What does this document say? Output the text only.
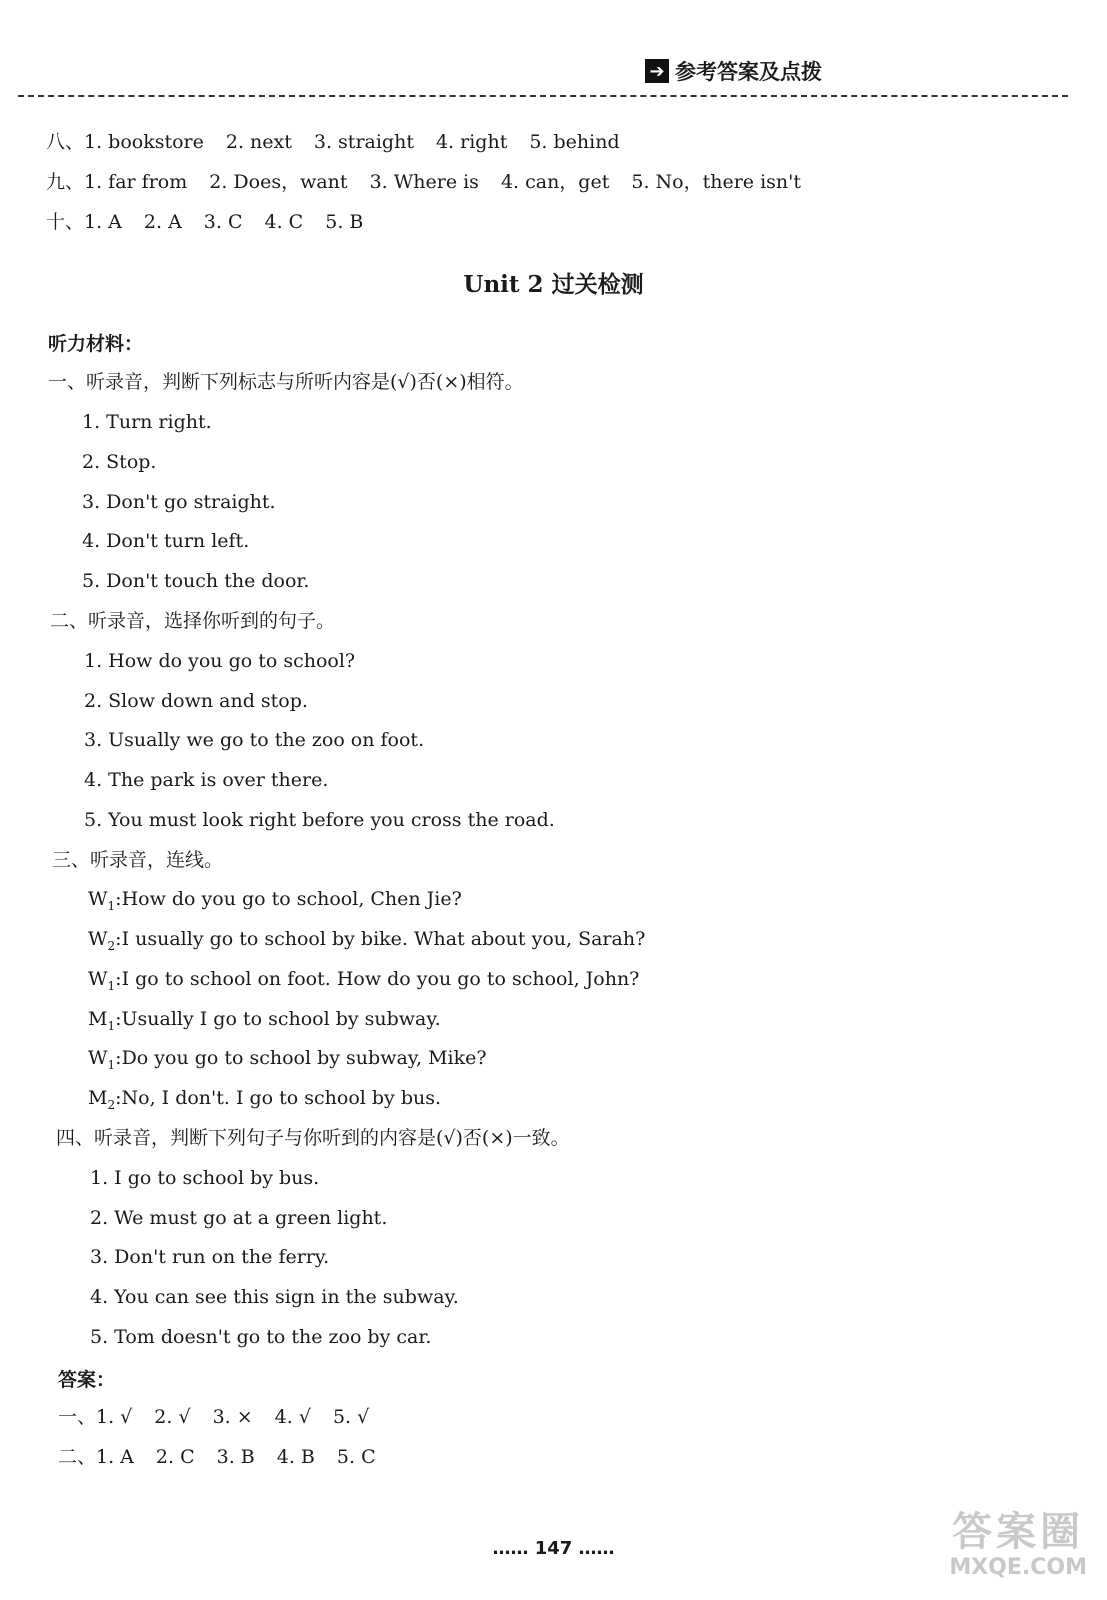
➔ 参考答案及点拨
八、1. bookstore 2. next 3. straight 4. right 5. behind
九、1. far from 2. Does，want 3. Where is 4. can，get 5. No，there isn't
十、1. A 2. A 3. C 4. C 5. B
Unit 2 过关检测
听力材料：
一、听录音，判断下列标志与所听内容是(√)否(×)相符。
1. Turn right.
2. Stop.
3. Don't go straight.
4. Don't turn left.
5. Don't touch the door.
二、听录音，选择你听到的句子。
1. How do you go to school?
2. Slow down and stop.
3. Usually we go to the zoo on foot.
4. The park is over there.
5. You must look right before you cross the road.
三、听录音，连线。
$W_1:How$ do you go to school, Chen Jie?
$W_2:I$ usually go to school by bike. What about you, Sarah?
$W_1:I$ go to school on foot. How do you go to school, John?
$M_1:Usually$ I go to school by subway.
$W_1:Do$ you go to school by subway, Mike?
$M_2:No$, I don't. I go to school by bus.
四、听录音，判断下列句子与你听到的内容是(√)否(×)一致。
1. I go to school by bus.
2. We must go at a green light.
3. Don't run on the ferry.
4. You can see this sign in the subway.
5. Tom doesn't go to the zoo by car.
答案：
一、1. √ 2. √ 3. × 4. √ 5. √
二、1. A 2. C 3. B 4. B 5. C
…… 147 ……	答案圈
MXQE.COM
